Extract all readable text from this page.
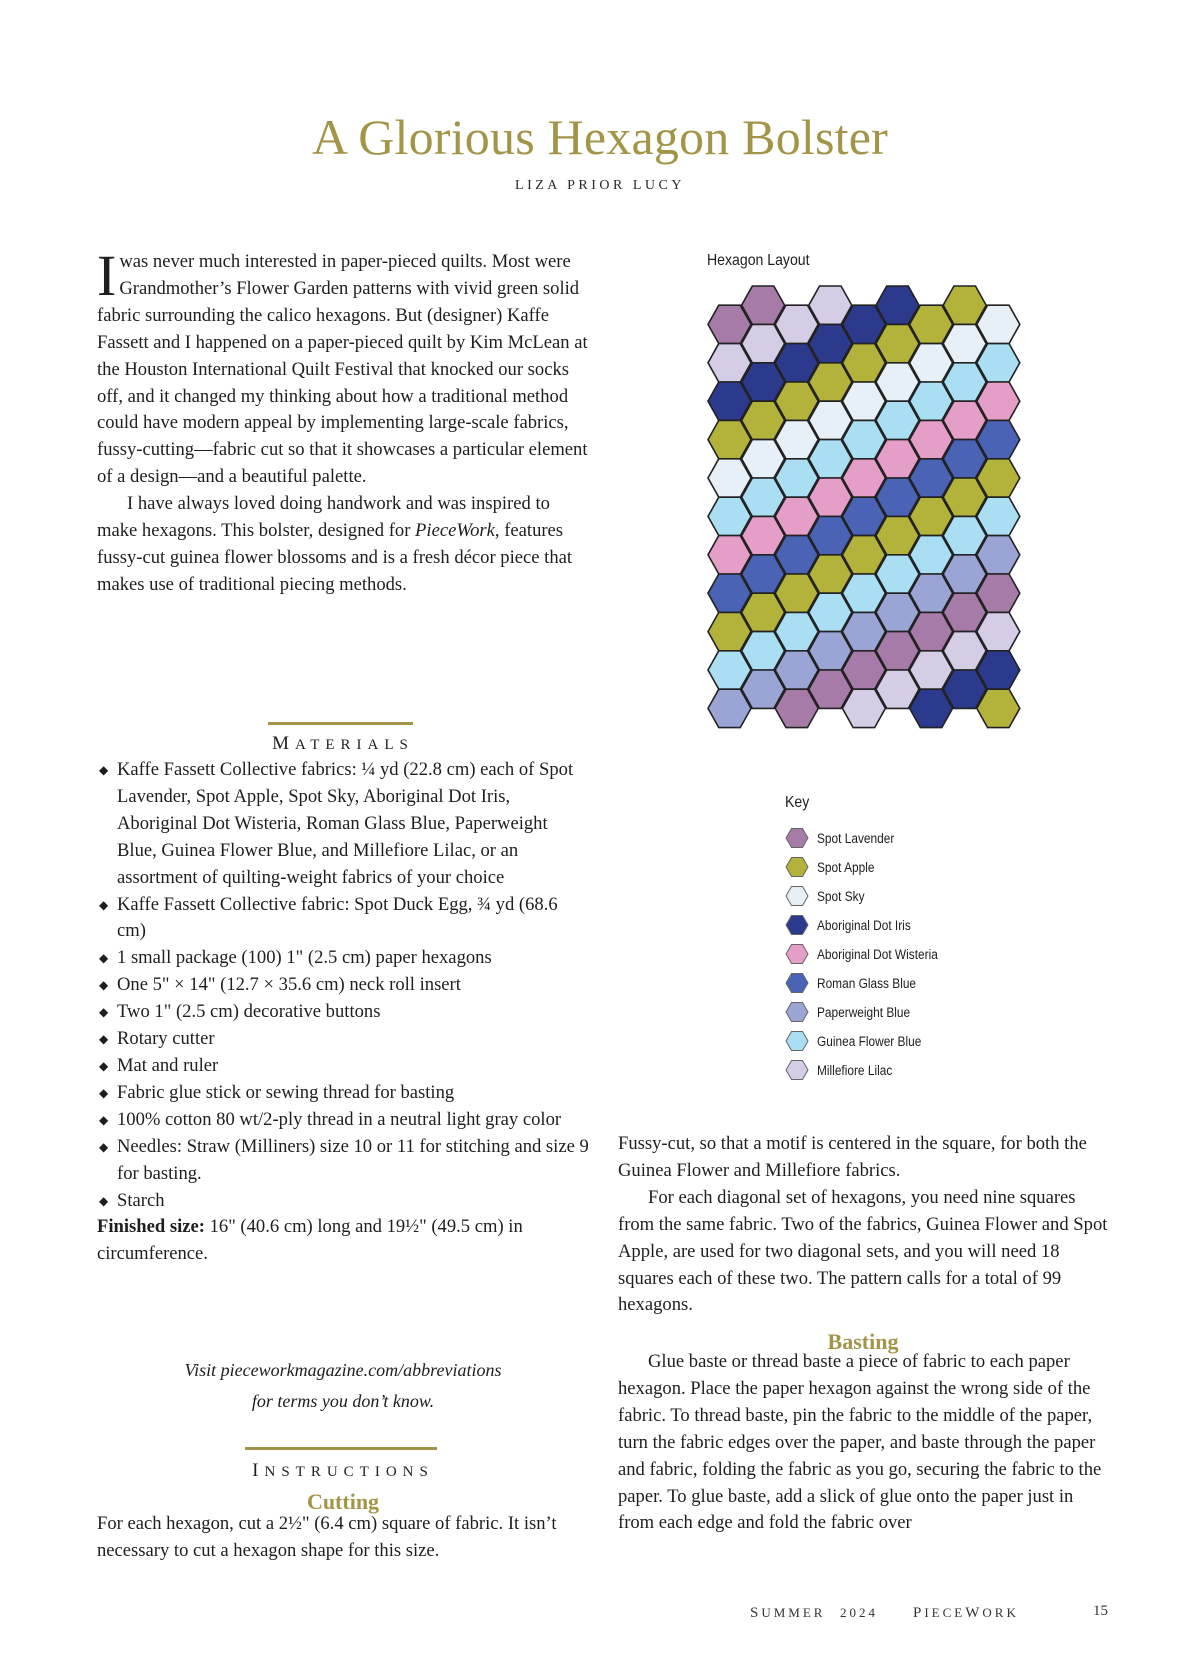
A Glorious Hexagon Bolster
LIZA PRIOR LUCY

I was never much interested in paper-pieced quilts. Most were Grandmother’s Flower Garden patterns with vivid green solid fabric surrounding the calico hexagons. But (designer) Kaffe Fassett and I happened on a paper-pieced quilt by Kim McLean at the Houston International Quilt Festival that knocked our socks off, and it changed my thinking about how a traditional method could have modern appeal by implementing large-scale fabrics, fussy-cutting—fabric cut so that it showcases a particular element of a design—and a beautiful palette.

I have always loved doing handwork and was inspired to make hexagons. This bolster, designed for PieceWork, features fussy-cut guinea flower blossoms and is a fresh décor piece that makes use of traditional piecing methods.

MATERIALS
◆ Kaffe Fassett Collective fabrics: ¼ yd (22.8 cm) each of Spot Lavender, Spot Apple, Spot Sky, Aboriginal Dot Iris, Aboriginal Dot Wisteria, Roman Glass Blue, Paperweight Blue, Guinea Flower Blue, and Millefiore Lilac, or an assortment of quilting-weight fabrics of your choice
◆ Kaffe Fassett Collective fabric: Spot Duck Egg, ¾ yd (68.6 cm)
◆ 1 small package (100) 1" (2.5 cm) paper hexagons
◆ One 5" × 14" (12.7 × 35.6 cm) neck roll insert
◆ Two 1" (2.5 cm) decorative buttons
◆ Rotary cutter
◆ Mat and ruler
◆ Fabric glue stick or sewing thread for basting
◆ 100% cotton 80 wt/2-ply thread in a neutral light gray color
◆ Needles: Straw (Milliners) size 10 or 11 for stitching and size 9 for basting.
◆ Starch

Finished size: 16" (40.6 cm) long and 19½" (49.5 cm) in circumference.

Visit pieceworkmagazine.com/abbreviations
for terms you don’t know.
INSTRUCTIONS
Cutting
For each hexagon, cut a 2½" (6.4 cm) square of fabric. It isn’t necessary to cut a hexagon shape for this size.

Fussy-cut, so that a motif is centered in the square, for both the Guinea Flower and Millefiore fabrics.

For each diagonal set of hexagons, you need nine squares from the same fabric. Two of the fabrics, Guinea Flower and Spot Apple, are used for two diagonal sets, and you will need 18 squares each of these two. The pattern calls for a total of 99 hexagons.

Basting

Glue baste or thread baste a piece of fabric to each paper hexagon. Place the paper hexagon against the wrong side of the fabric. To thread baste, pin the fabric to the middle of the paper, turn the fabric edges over the paper, and baste through the paper and fabric, folding the fabric as you go, securing the fabric to the paper. To glue baste, add a slick of glue onto the paper just in from each edge and fold the fabric over

Hexagon Layout
Key
Spot Lavender
Spot Apple
Spot Sky
Aboriginal Dot Iris
Aboriginal Dot Wisteria
Roman Glass Blue
Paperweight Blue
Guinea Flower Blue
Millefiore Lilac
SUMMER 2024 PIECEWORK	15
